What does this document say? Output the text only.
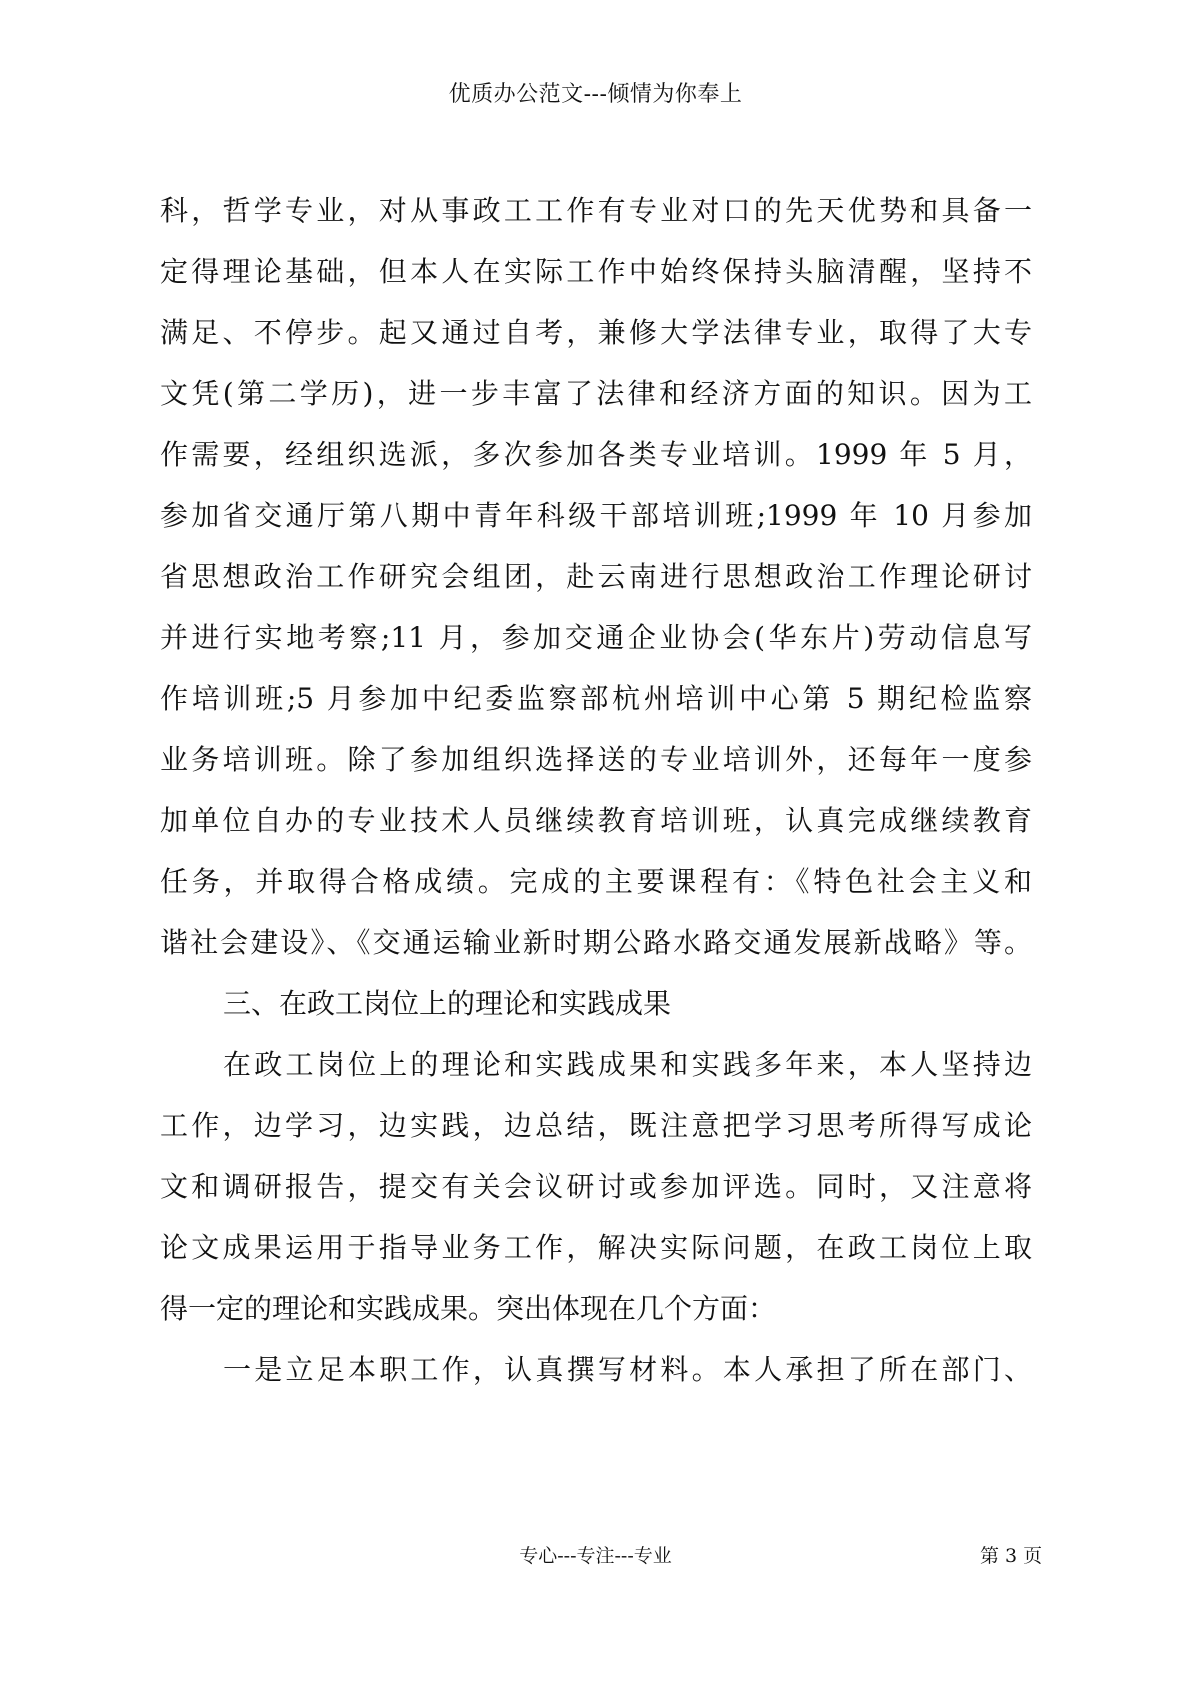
优质办公范文---倾情为你奉上
科，哲学专业，对从事政工工作有专业对口的先天优势和具备一
定得理论基础，但本人在实际工作中始终保持头脑清醒，坚持不
满足、不停步。起又通过自考，兼修大学法律专业，取得了大专
文凭(第二学历)，进一步丰富了法律和经济方面的知识。因为工
作需要，经组织选派，多次参加各类专业培训。1999 年 5 月，
参加省交通厅第八期中青年科级干部培训班;1999 年 10 月参加
省思想政治工作研究会组团，赴云南进行思想政治工作理论研讨
并进行实地考察;11 月，参加交通企业协会(华东片)劳动信息写
作培训班;5 月参加中纪委监察部杭州培训中心第 5 期纪检监察
业务培训班。除了参加组织选择送的专业培训外，还每年一度参
加单位自办的专业技术人员继续教育培训班，认真完成继续教育
任务，并取得合格成绩。完成的主要课程有：《特色社会主义和
谐社会建设》、《交通运输业新时期公路水路交通发展新战略》等。
三、在政工岗位上的理论和实践成果
在政工岗位上的理论和实践成果和实践多年来，本人坚持边
工作，边学习，边实践，边总结，既注意把学习思考所得写成论
文和调研报告，提交有关会议研讨或参加评选。同时，又注意将
论文成果运用于指导业务工作，解决实际问题，在政工岗位上取
得一定的理论和实践成果。突出体现在几个方面：
一是立足本职工作，认真撰写材料。本人承担了所在部门、
专心---专注---专业	第 3 页
